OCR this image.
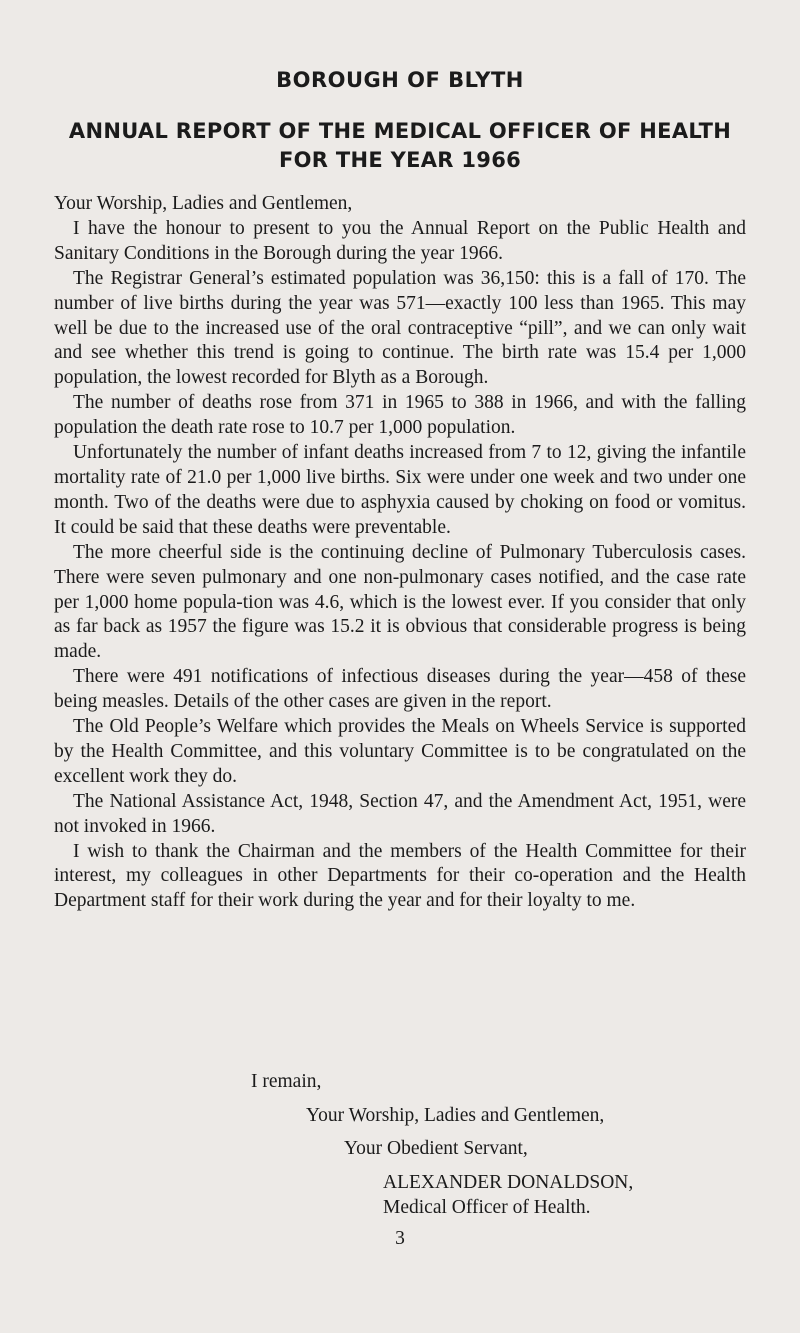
BOROUGH OF BLYTH
ANNUAL REPORT OF THE MEDICAL OFFICER OF HEALTH FOR THE YEAR 1966

Your Worship, Ladies and Gentlemen,

I have the honour to present to you the Annual Report on the Public Health and Sanitary Conditions in the Borough during the year 1966.

The Registrar General’s estimated population was 36,150: this is a fall of 170. The number of live births during the year was 571—exactly 100 less than 1965. This may well be due to the increased use of the oral contraceptive “pill”, and we can only wait and see whether this trend is going to continue. The birth rate was 15.4 per 1,000 population, the lowest recorded for Blyth as a Borough.

The number of deaths rose from 371 in 1965 to 388 in 1966, and with the falling population the death rate rose to 10.7 per 1,000 population.

Unfortunately the number of infant deaths increased from 7 to 12, giving the infantile mortality rate of 21.0 per 1,000 live births. Six were under one week and two under one month. Two of the deaths were due to asphyxia caused by choking on food or vomitus. It could be said that these deaths were preventable.

The more cheerful side is the continuing decline of Pulmonary Tuberculosis cases. There were seven pulmonary and one non-pulmonary cases notified, and the case rate per 1,000 home popula-tion was 4.6, which is the lowest ever. If you consider that only as far back as 1957 the figure was 15.2 it is obvious that considerable progress is being made.

There were 491 notifications of infectious diseases during the year—458 of these being measles. Details of the other cases are given in the report.

The Old People’s Welfare which provides the Meals on Wheels Service is supported by the Health Committee, and this voluntary Committee is to be congratulated on the excellent work they do.

The National Assistance Act, 1948, Section 47, and the Amendment Act, 1951, were not invoked in 1966.

I wish to thank the Chairman and the members of the Health Committee for their interest, my colleagues in other Departments for their co-operation and the Health Department staff for their work during the year and for their loyalty to me.

I remain,
Your Worship, Ladies and Gentlemen,
Your Obedient Servant,
ALEXANDER DONALDSON,
Medical Officer of Health.
3
